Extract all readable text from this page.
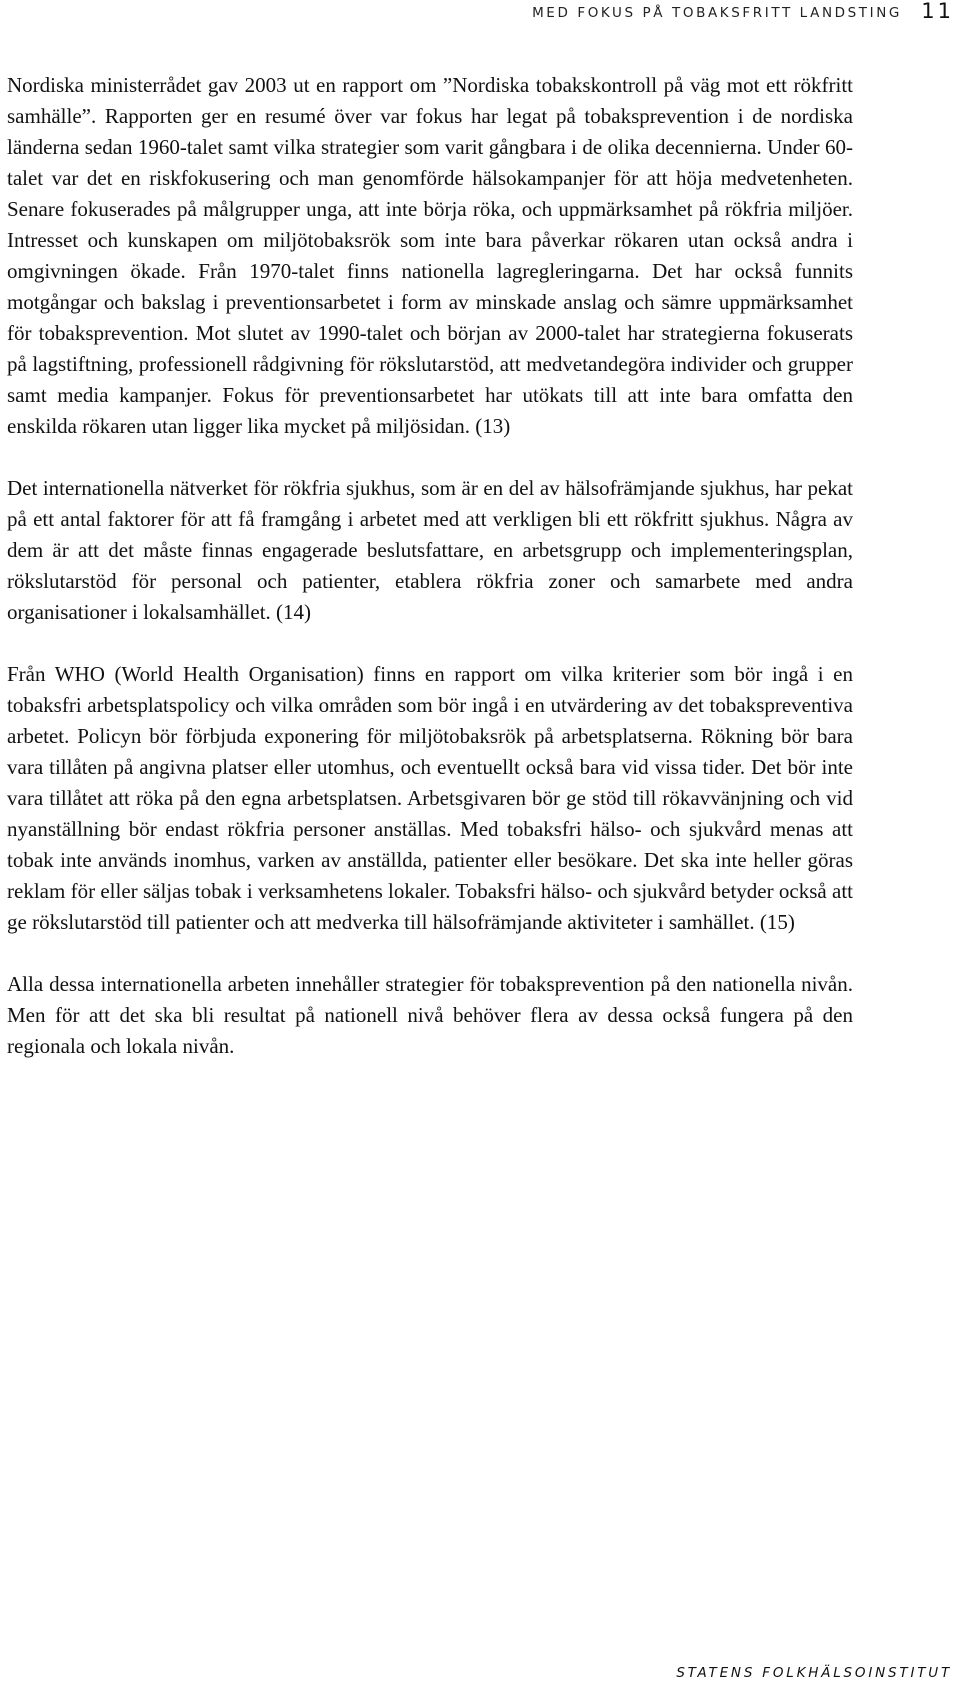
MED FOKUS PÅ TOBAKSFRITT LANDSTING 11

Nordiska ministerrådet gav 2003 ut en rapport om ”Nordiska tobakskontroll på väg mot ett rökfritt samhälle”. Rapporten ger en resumé över var fokus har legat på tobaksprevention i de nordiska länderna sedan 1960-talet samt vilka strategier som varit gångbara i de olika decennierna. Under 60-talet var det en riskfokusering och man genomförde hälsokampanjer för att höja medvetenheten. Senare fokuserades på målgrupper unga, att inte börja röka, och uppmärksamhet på rökfria miljöer. Intresset och kunskapen om miljötobaksrök som inte bara påverkar rökaren utan också andra i omgivningen ökade. Från 1970-talet finns nationella lagregleringarna. Det har också funnits motgångar och bakslag i preventionsarbetet i form av minskade anslag och sämre uppmärksamhet för tobaksprevention. Mot slutet av 1990-talet och början av 2000-talet har strategierna fokuserats på lagstiftning, professionell rådgivning för rökslutarstöd, att medvetandegöra individer och grupper samt media kampanjer. Fokus för preventionsarbetet har utökats till att inte bara omfatta den enskilda rökaren utan ligger lika mycket på miljösidan. (13)

Det internationella nätverket för rökfria sjukhus, som är en del av hälsofrämjande sjukhus, har pekat på ett antal faktorer för att få framgång i arbetet med att verkligen bli ett rökfritt sjukhus. Några av dem är att det måste finnas engagerade beslutsfattare, en arbetsgrupp och implementeringsplan, rökslutarstöd för personal och patienter, etablera rökfria zoner och samarbete med andra organisationer i lokalsamhället. (14)

Från WHO (World Health Organisation) finns en rapport om vilka kriterier som bör ingå i en tobaksfri arbetsplatspolicy och vilka områden som bör ingå i en utvärdering av det tobakspreventiva arbetet. Policyn bör förbjuda exponering för miljötobaksrök på arbetsplatserna. Rökning bör bara vara tillåten på angivna platser eller utomhus, och eventuellt också bara vid vissa tider. Det bör inte vara tillåtet att röka på den egna arbetsplatsen. Arbetsgivaren bör ge stöd till rökavvänjning och vid nyanställning bör endast rökfria personer anställas. Med tobaksfri hälso- och sjukvård menas att tobak inte används inomhus, varken av anställda, patienter eller besökare. Det ska inte heller göras reklam för eller säljas tobak i verksamhetens lokaler. Tobaksfri hälso- och sjukvård betyder också att ge rökslutarstöd till patienter och att medverka till hälsofrämjande aktiviteter i samhället. (15)

Alla dessa internationella arbeten innehåller strategier för tobaksprevention på den nationella nivån. Men för att det ska bli resultat på nationell nivå behöver flera av dessa också fungera på den regionala och lokala nivån.

STATENS FOLKHÄLSOINSTITUT
